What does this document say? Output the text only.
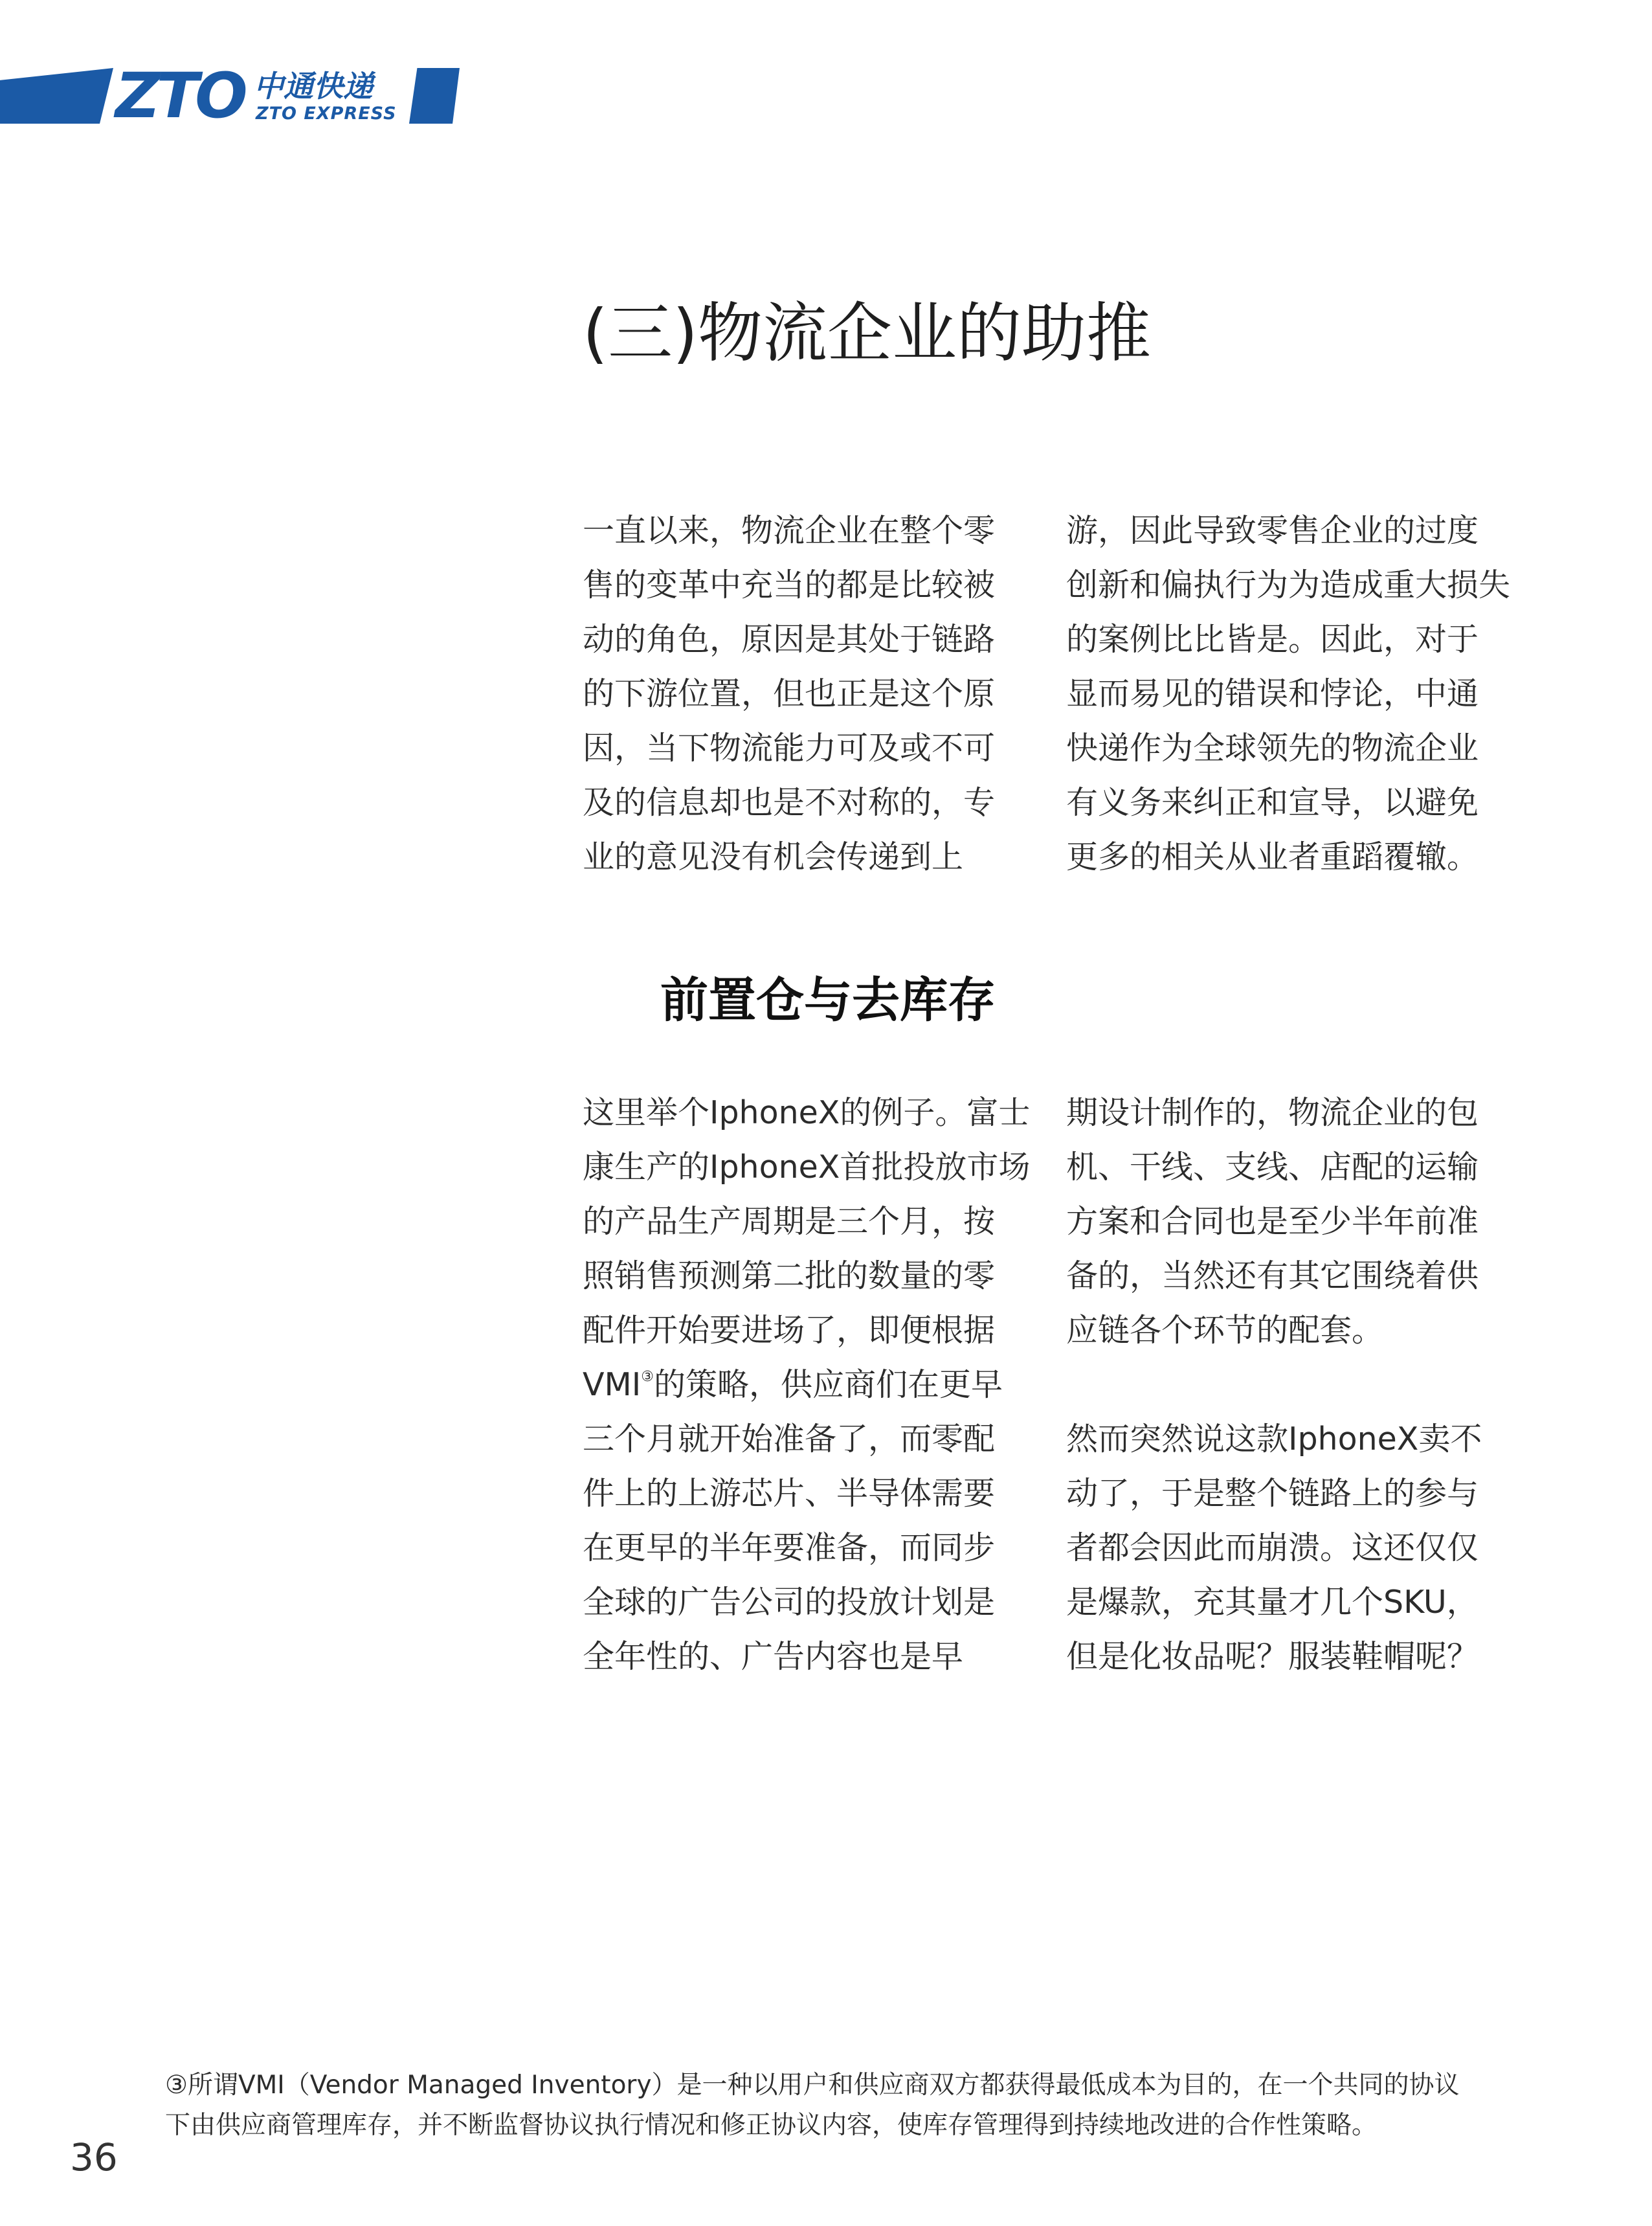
ZTO 中通快递
ZTO EXPRESS
(三)物流企业的助推

一直以来，物流企业在整个零
售的变革中充当的都是比较被
动的角色，原因是其处于链路
的下游位置，但也正是这个原
因，当下物流能力可及或不可
及的信息却也是不对称的，专
业的意见没有机会传递到上

游，因此导致零售企业的过度
创新和偏执行为为造成重大损失
的案例比比皆是。因此，对于
显而易见的错误和悖论，中通
快递作为全球领先的物流企业
有义务来纠正和宣导，以避免
更多的相关从业者重蹈覆辙。

前置仓与去库存

这里举个IphoneX的例子。富士
康生产的IphoneX首批投放市场
的产品生产周期是三个月，按
照销售预测第二批的数量的零
配件开始要进场了，即便根据
VMI③的策略，供应商们在更早
三个月就开始准备了，而零配
件上的上游芯片、半导体需要
在更早的半年要准备，而同步
全球的广告公司的投放计划是
全年性的、广告内容也是早

期设计制作的，物流企业的包
机、干线、支线、店配的运输
方案和合同也是至少半年前准
备的，当然还有其它围绕着供
应链各个环节的配套。

然而突然说这款IphoneX卖不
动了，于是整个链路上的参与
者都会因此而崩溃。这还仅仅
是爆款，充其量才几个SKU，
但是化妆品呢？服装鞋帽呢？

③所谓VMI（Vendor Managed Inventory）是一种以用户和供应商双方都获得最低成本为目的，在一个共同的协议
下由供应商管理库存，并不断监督协议执行情况和修正协议内容，使库存管理得到持续地改进的合作性策略。
36
